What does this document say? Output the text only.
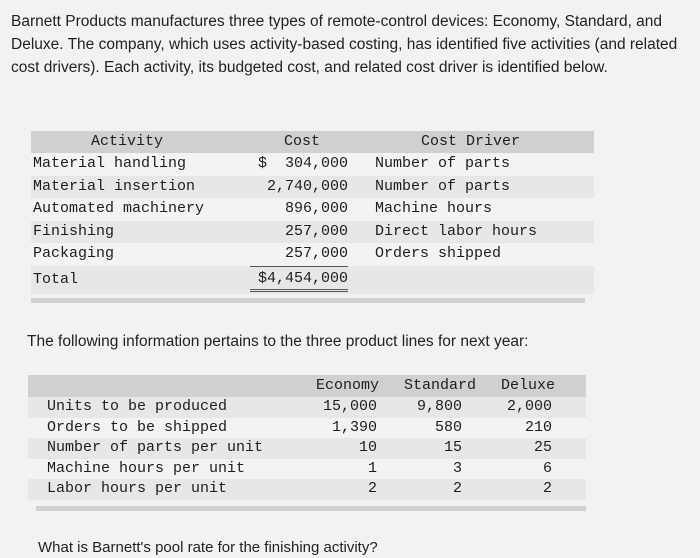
Barnett Products manufactures three types of remote-control devices: Economy, Standard, and Deluxe. The company, which uses activity-based costing, has identified five activities (and related cost drivers). Each activity, its budgeted cost, and related cost driver is identified below.
Activity	Cost	Cost Driver
Material handling	$  304,000 Number of parts
Material insertion	2,740,000 Number of parts
Automated machinery	896,000 Machine hours
Finishing	257,000 Direct labor hours
Packaging	257,000 Orders shipped
Total	$4,454,000
The following information pertains to the three product lines for next year:
Economy Standard Deluxe
Units to be produced	15,000	9,800	2,000
Orders to be shipped	1,390	580	210
Number of parts per unit	10	15	25
Machine hours per unit	1	3	6
Labor hours per unit	2	2	2
What is Barnett's pool rate for the finishing activity?
